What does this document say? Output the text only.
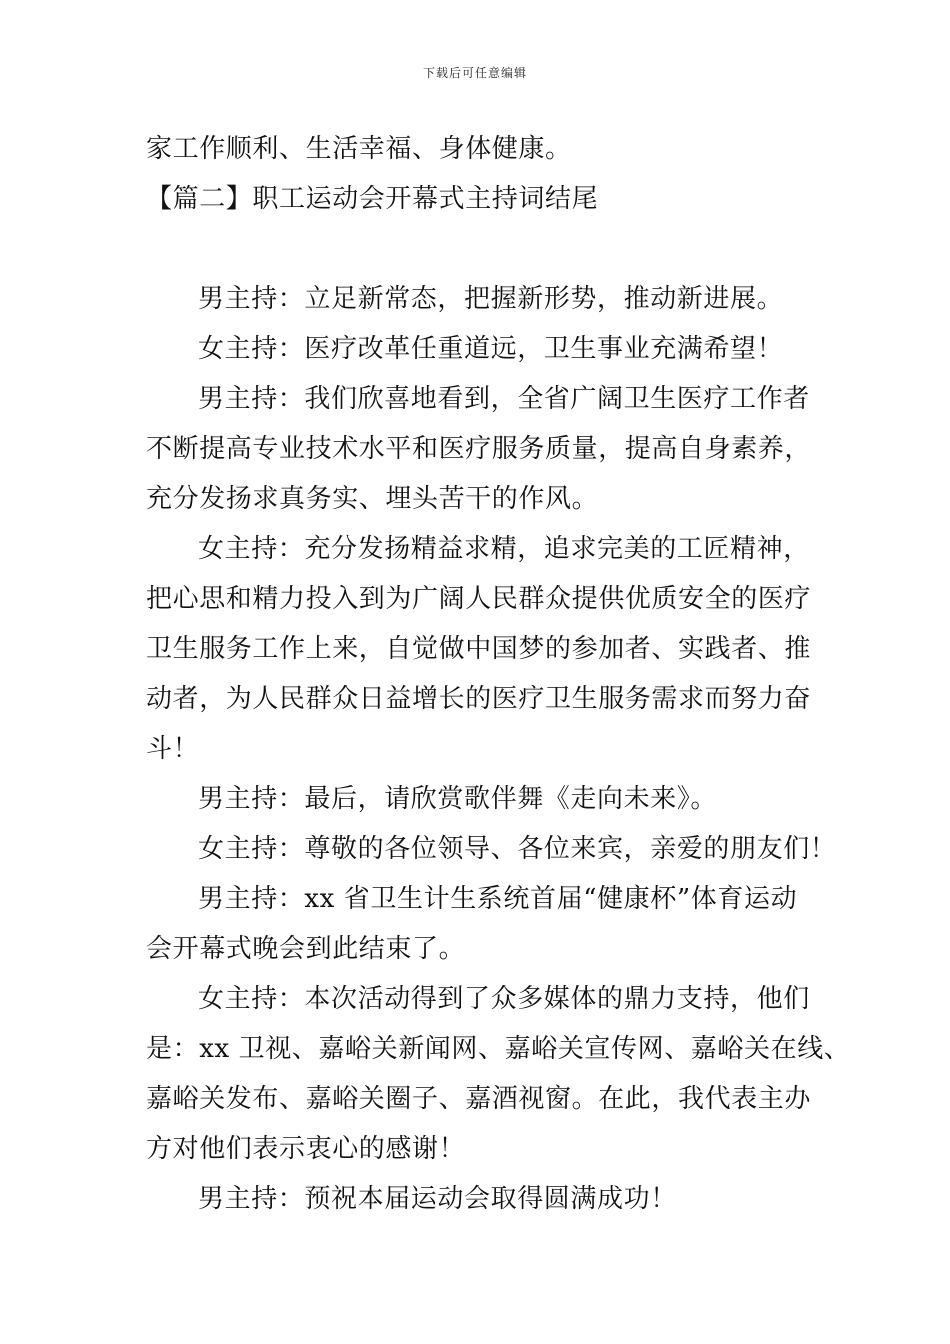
下载后可任意编辑
家工作顺利、生活幸福、身体健康。
【篇二】职工运动会开幕式主持词结尾
男主持：立足新常态，把握新形势，推动新进展。
女主持：医疗改革任重道远，卫生事业充满希望！
男主持：我们欣喜地看到，全省广阔卫生医疗工作者
不断提高专业技术水平和医疗服务质量，提高自身素养，
充分发扬求真务实、埋头苦干的作风。
女主持：充分发扬精益求精，追求完美的工匠精神，
把心思和精力投入到为广阔人民群众提供优质安全的医疗
卫生服务工作上来，自觉做中国梦的参加者、实践者、推
动者，为人民群众日益增长的医疗卫生服务需求而努力奋
斗！
男主持：最后，请欣赏歌伴舞《走向未来》。
女主持：尊敬的各位领导、各位来宾，亲爱的朋友们！
男主持：xx 省卫生计生系统首届“健康杯”体育运动
会开幕式晚会到此结束了。
女主持：本次活动得到了众多媒体的鼎力支持，他们
是：xx 卫视、嘉峪关新闻网、嘉峪关宣传网、嘉峪关在线、
嘉峪关发布、嘉峪关圈子、嘉酒视窗。在此，我代表主办
方对他们表示衷心的感谢！
男主持：预祝本届运动会取得圆满成功！
